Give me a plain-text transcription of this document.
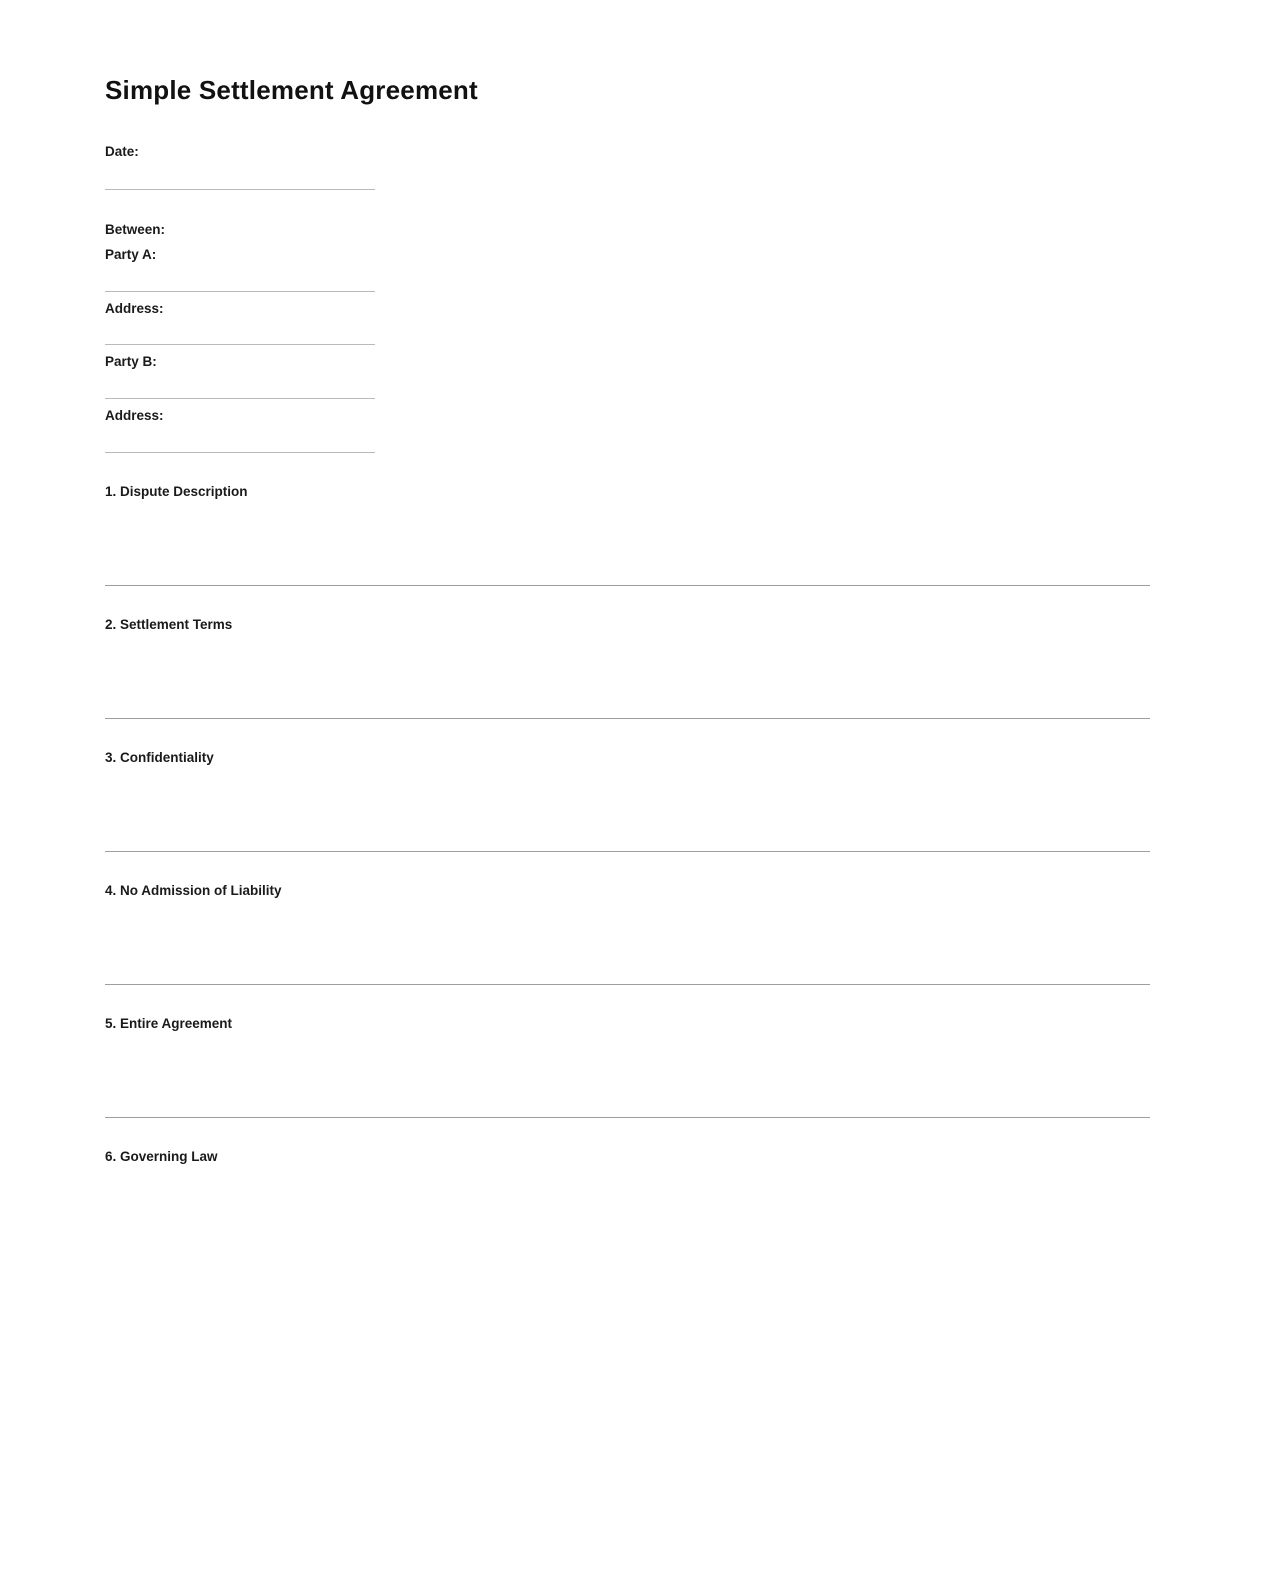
Simple Settlement Agreement
Date:
Between:
Party A:
Address:
Party B:
Address:
1. Dispute Description
2. Settlement Terms
3. Confidentiality
4. No Admission of Liability
5. Entire Agreement
6. Governing Law
